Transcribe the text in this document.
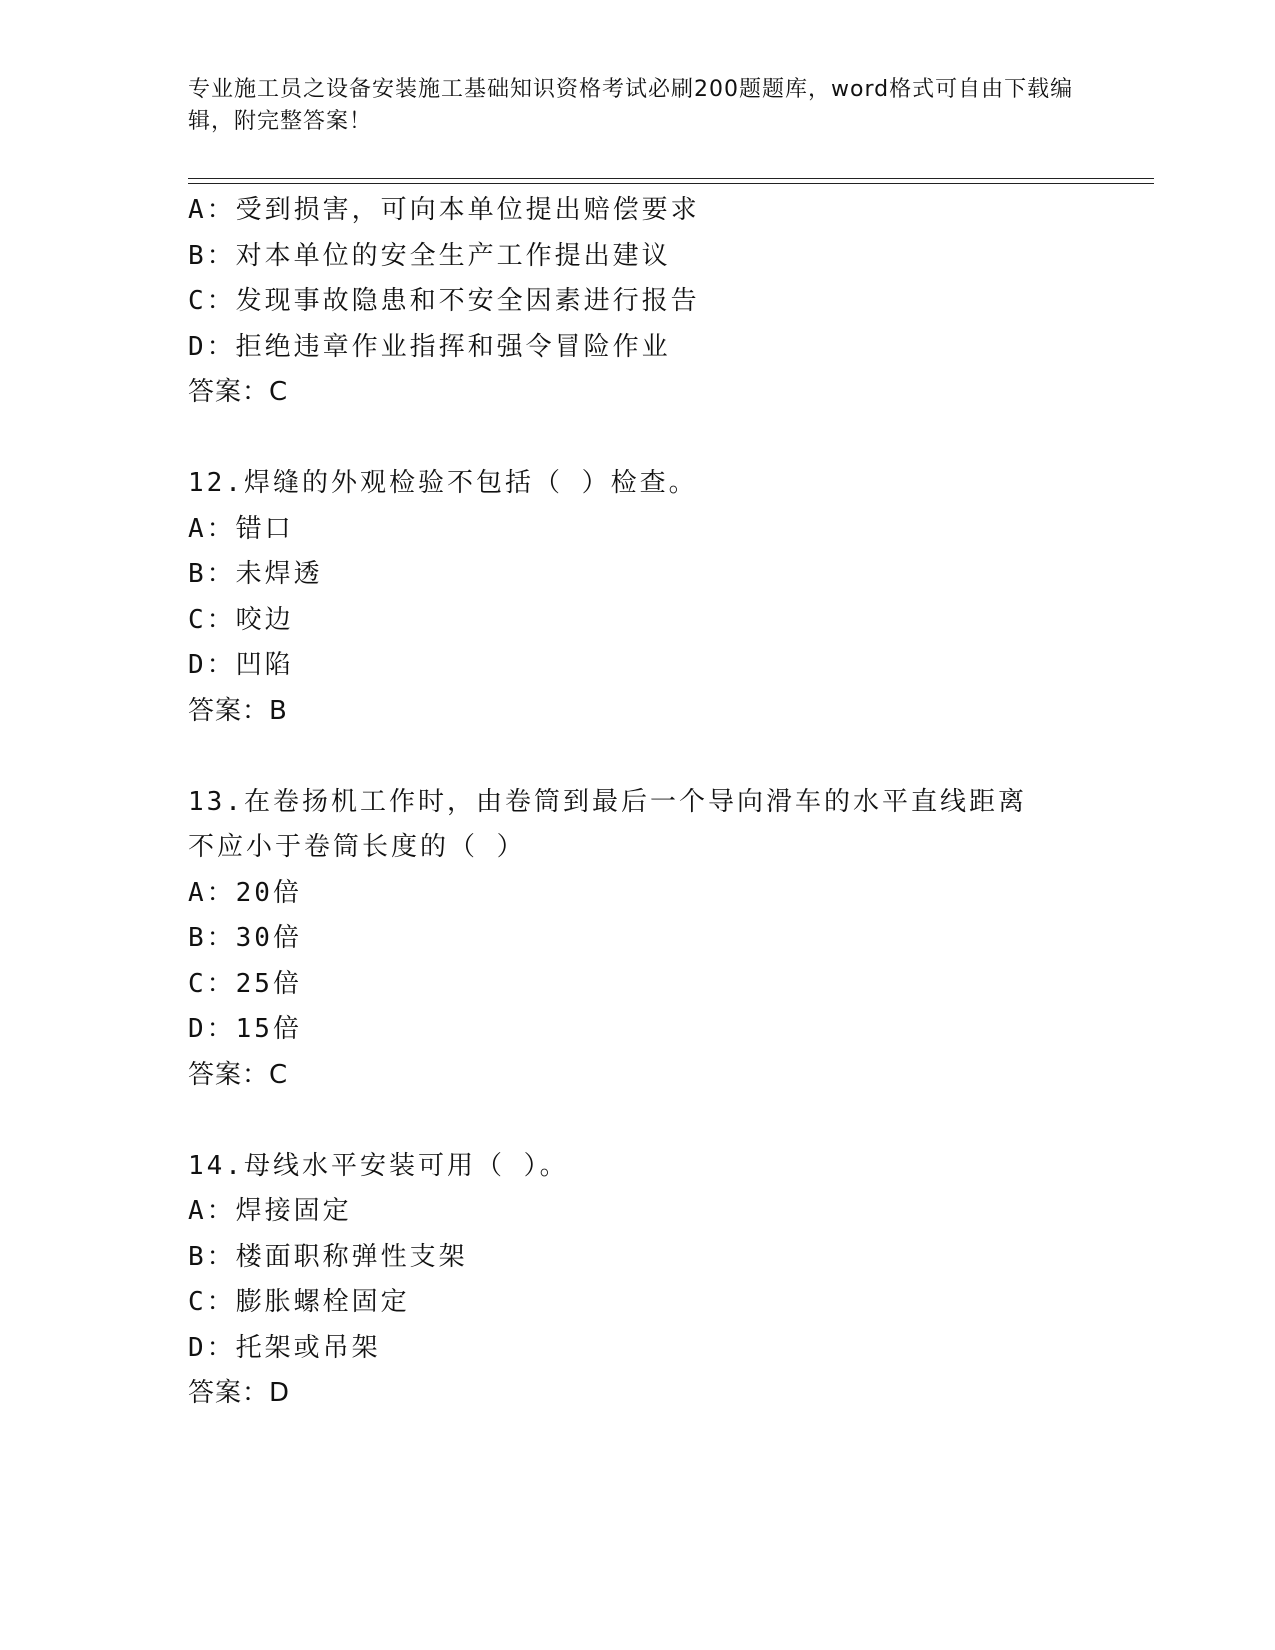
专业施工员之设备安装施工基础知识资格考试必刷200题题库，word格式可自由下载编辑，附完整答案！
A：受到损害，可向本单位提出赔偿要求
B：对本单位的安全生产工作提出建议
C：发现事故隐患和不安全因素进行报告
D：拒绝违章作业指挥和强令冒险作业
答案：C
12.焊缝的外观检验不包括（ ）检查。
A：错口
B：未焊透
C：咬边
D：凹陷
答案：B
13.在卷扬机工作时，由卷筒到最后一个导向滑车的水平直线距离不应小于卷筒长度的（ ）
A：20倍
B：30倍
C：25倍
D：15倍
答案：C
14.母线水平安装可用（ ）。
A：焊接固定
B：楼面职称弹性支架
C：膨胀螺栓固定
D：托架或吊架
答案：D
